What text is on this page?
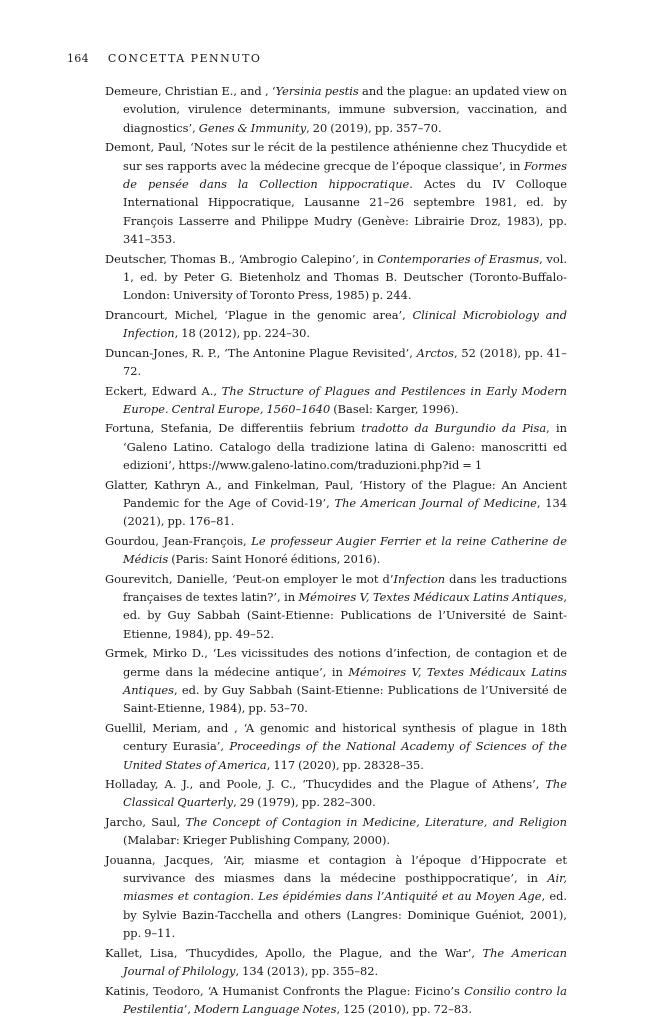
164 CONCETTA PENNUTO

Demeure, Christian E., and , ‘Yersinia pestis and the plague: an updated view on evolution, virulence determinants, immune subversion, vaccination, and diagnostics’, Genes & Immunity, 20 (2019), pp. 357–70.

Demont, Paul, ‘Notes sur le récit de la pestilence athénienne chez Thucydide et sur ses rapports avec la médecine grecque de l’époque classique’, in Formes de pensée dans la Collection hippocratique. Actes du IV Colloque International Hippocratique, Lausanne 21–26 septembre 1981, ed. by François Lasserre and Philippe Mudry (Genève: Librairie Droz, 1983), pp. 341–353.

Deutscher, Thomas B., ‘Ambrogio Calepino’, in Contemporaries of Erasmus, vol. 1, ed. by Peter G. Bietenholz and Thomas B. Deutscher (Toronto-Buffalo-London: University of Toronto Press, 1985) p. 244.

Drancourt, Michel, ‘Plague in the genomic area’, Clinical Microbiology and Infection, 18 (2012), pp. 224–30.

Duncan-Jones, R. P., ‘The Antonine Plague Revisited’, Arctos, 52 (2018), pp. 41–72.

Eckert, Edward A., The Structure of Plagues and Pestilences in Early Modern Europe. Central Europe, 1560–1640 (Basel: Karger, 1996).

Fortuna, Stefania, De differentiis febrium tradotto da Burgundio da Pisa, in ‘Galeno Latino. Catalogo della tradizione latina di Galeno: manoscritti ed edizioni’, https://www.galeno-latino.com/traduzioni.php?id = 1

Glatter, Kathryn A., and Finkelman, Paul, ‘History of the Plague: An Ancient Pandemic for the Age of Covid-19’, The American Journal of Medicine, 134 (2021), pp. 176–81.

Gourdou, Jean-François, Le professeur Augier Ferrier et la reine Catherine de Médicis (Paris: Saint Honoré éditions, 2016).

Gourevitch, Danielle, ‘Peut-on employer le mot d’Infection dans les traductions françaises de textes latin?’, in Mémoires V, Textes Médicaux Latins Antiques, ed. by Guy Sabbah (Saint-Etienne: Publications de l’Université de Saint-Etienne, 1984), pp. 49–52.

Grmek, Mirko D., ‘Les vicissitudes des notions d’infection, de contagion et de germe dans la médecine antique’, in Mémoires V, Textes Médicaux Latins Antiques, ed. by Guy Sabbah (Saint-Etienne: Publications de l’Université de Saint-Etienne, 1984), pp. 53–70.

Guellil, Meriam, and , ‘A genomic and historical synthesis of plague in 18th century Eurasia’, Proceedings of the National Academy of Sciences of the United States of America, 117 (2020), pp. 28328–35.

Holladay, A. J., and Poole, J. C., ‘Thucydides and the Plague of Athens’, The Classical Quarterly, 29 (1979), pp. 282–300.

Jarcho, Saul, The Concept of Contagion in Medicine, Literature, and Religion (Malabar: Krieger Publishing Company, 2000).

Jouanna, Jacques, ‘Air, miasme et contagion à l’époque d’Hippocrate et survivance des miasmes dans la médecine posthippocratique’, in Air, miasmes et contagion. Les épidémies dans l’Antiquité et au Moyen Age, ed. by Sylvie Bazin-Tacchella and others (Langres: Dominique Guéniot, 2001), pp. 9–11.

Kallet, Lisa, ‘Thucydides, Apollo, the Plague, and the War’, The American Journal of Philology, 134 (2013), pp. 355–82.

Katinis, Teodoro, ‘A Humanist Confronts the Plague: Ficino’s Consilio contro la Pestilentia’, Modern Language Notes, 125 (2010), pp. 72–83.
